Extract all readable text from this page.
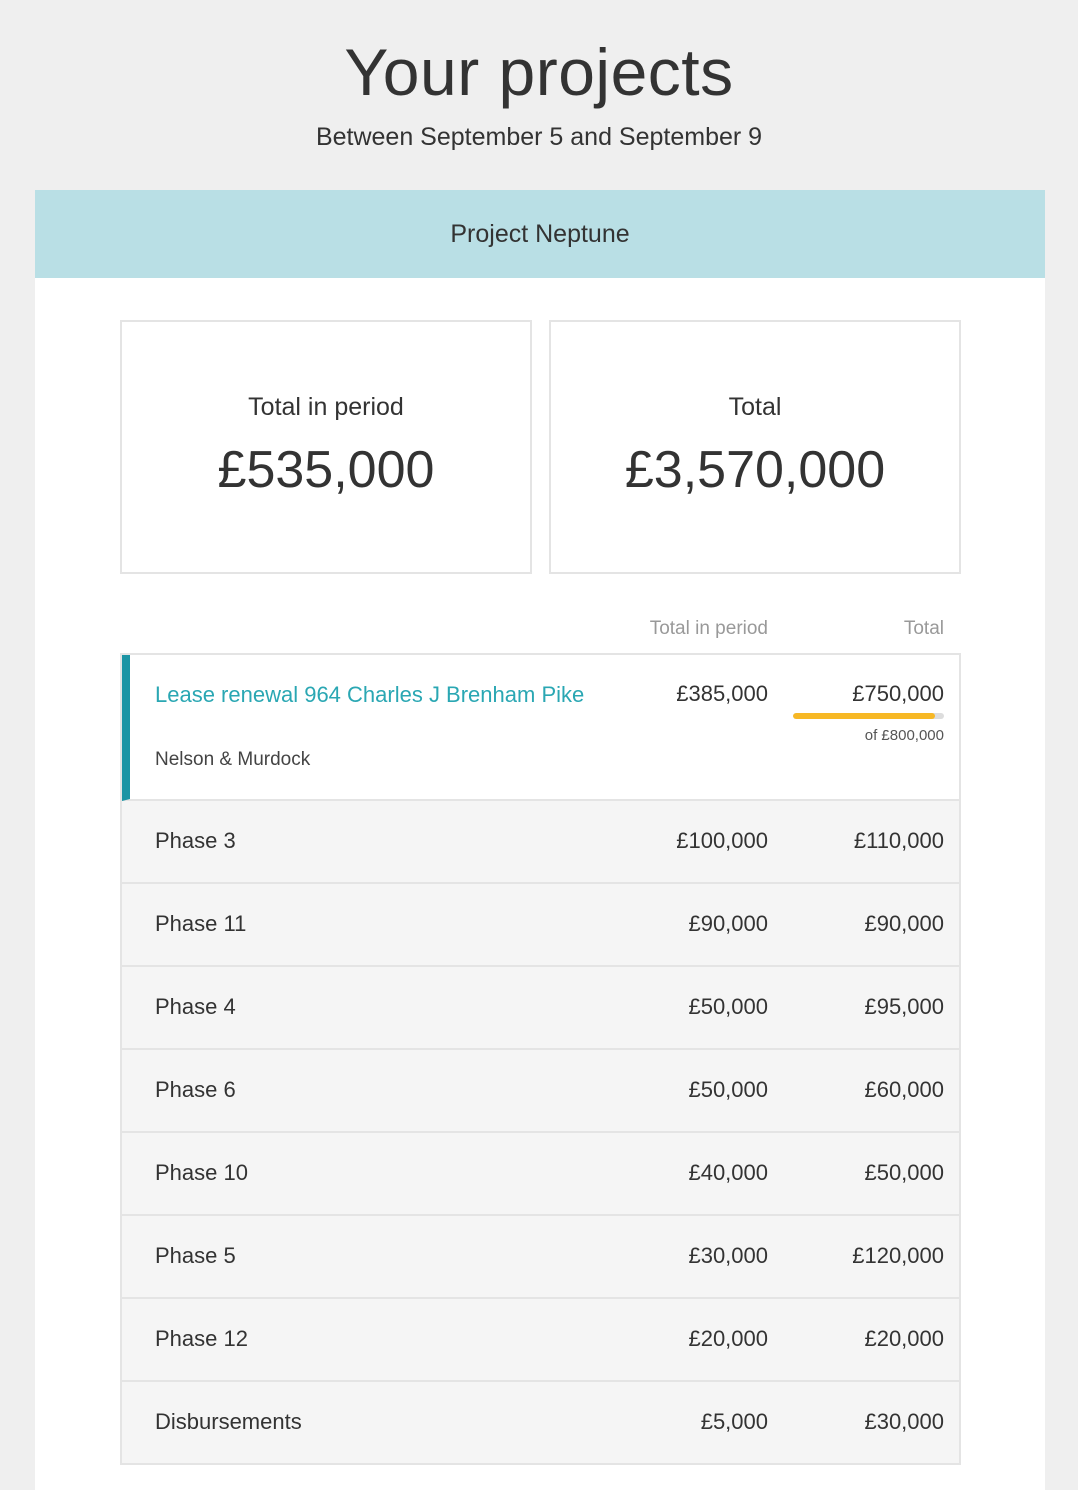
Your projects
Between September 5 and September 9
Project Neptune
Total in period
£535,000
Total
£3,570,000
Total in period	Total
Lease renewal 964 Charles J Brenham Pike
Nelson & Murdock
£385,000	£750,000
of £800,000
Phase 3	£100,000	£110,000
Phase 11	£90,000	£90,000
Phase 4	£50,000	£95,000
Phase 6	£50,000	£60,000
Phase 10	£40,000	£50,000
Phase 5	£30,000	£120,000
Phase 12	£20,000	£20,000
Disbursements	£5,000	£30,000
